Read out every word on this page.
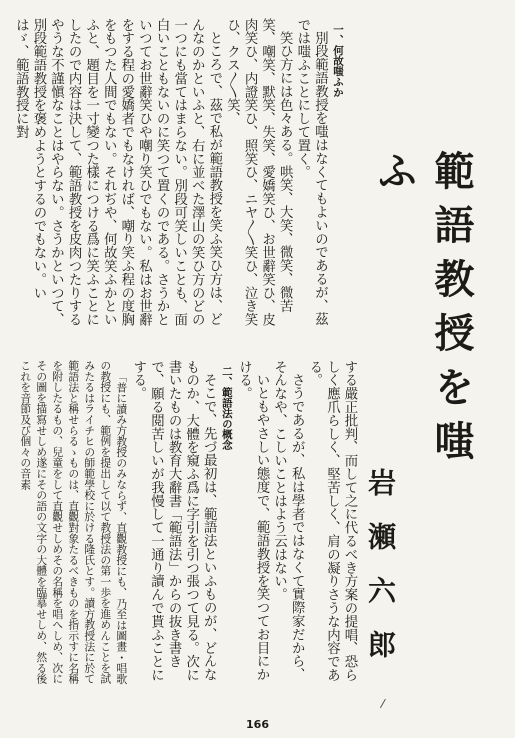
範語教授を嗤ふ
岩瀬六郎

一、何故嗤ふか

別段範語教授を嗤はなくてもよいのであるが、茲では嗤ふことにして置く。

笑ひ方には色々ある。哄笑、大笑、微笑、微苦笑、嘲笑、默笑、失笑、愛嬌笑ひ、お世辭笑ひ、皮肉笑ひ、内證笑ひ、照笑ひ、ニヤ〳〵笑ひ、泣き笑ひ、クス〳〵笑、

ところで、茲で私が範語教授を笑ふ笑ひ方は、どんなのかといふと、右に並べた澤山の笑ひ方のどの一つにも當てはまらない。別段可笑しいことも、面白いこともないのに笑つて置くのである。さうかといつてお世辭笑ひや嘲り笑ひでもない。私はお世辭をする程の愛嬌者でもなければ、嘲り笑ふ程の度胸をもつた人間でもない。それぢや、何故笑ふかといふと、題目を一寸變つた樣につける爲に笑ふことにしたので内容は決して、範語教授を皮肉つたりするやうな不謹愼なことはやらない。さうかといつて、別段範語教授を褒めようとするのでもない。いはゞ、範語教授に對

する嚴正批判、而して之に代るべき方案の提唱、恐らしく應爪らしく、堅苦しく、肩の凝りさうな内容である。

さうであるが、私は學者ではなくて實際家だから、そんなや、こしいことはよう云はない。

いともやさしい態度で、範語教授を笑つてお目にかける。

二、範語法の概念

そこで、先づ最初は、範語法といふものが、どんなものか、大體を窺ふ爲に字引を引つ張つて見る。次に書いたものは教育大辭書「範語法」からの抜き書きで、願る閲苦しいが我慢して一通り讀んで貰ふことにする。

「普に讀み方教授のみならず、直觀教授にも、乃至は圖畫・唱歌の教授にも、範例を提出して以て教授法の第一歩を進めんことを試みたるはライチヒの師範學校に於ける隆氏とす。讀方教授法に於て範語法と稱せらるゝものは、直觀對象たるべきものを指示すに名稱を附したるもの、兒童をして直觀せしめその名稱を唱へしめ、次にその圖を描寫せしめ遂にその語の文字の大體を臨摹せしめ、然る後これを音節及び個々の音素

166
